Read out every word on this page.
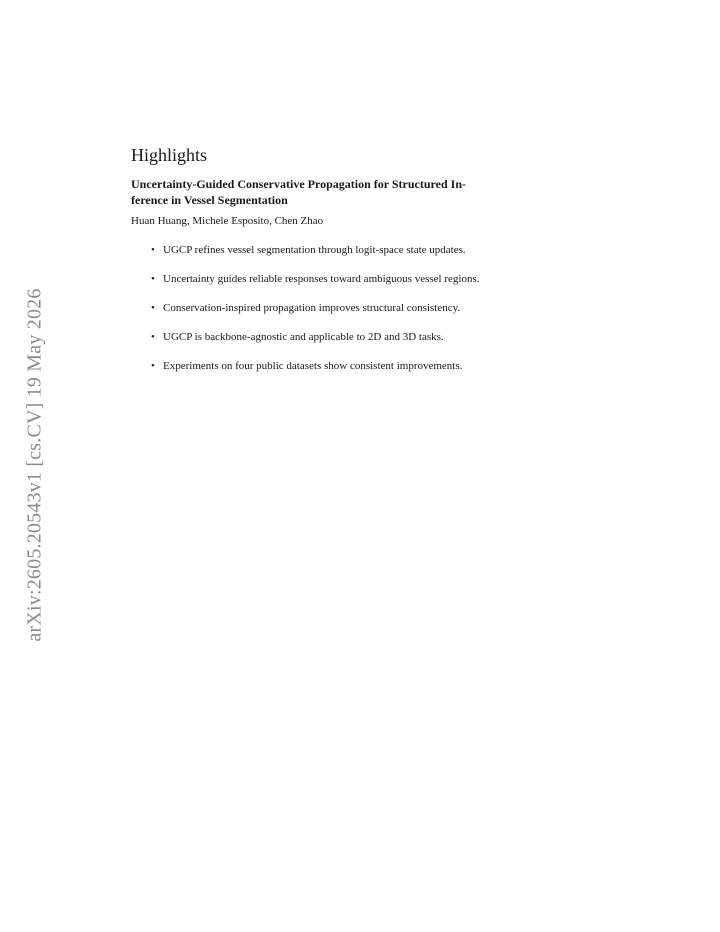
arXiv:2605.20543v1 [cs.CV] 19 May 2026
Highlights
Uncertainty-Guided Conservative Propagation for Structured In-
ference in Vessel Segmentation
Huan Huang, Michele Esposito, Chen Zhao
• UGCP refines vessel segmentation through logit-space state updates.
• Uncertainty guides reliable responses toward ambiguous vessel regions.
• Conservation-inspired propagation improves structural consistency.
• UGCP is backbone-agnostic and applicable to 2D and 3D tasks.
• Experiments on four public datasets show consistent improvements.
